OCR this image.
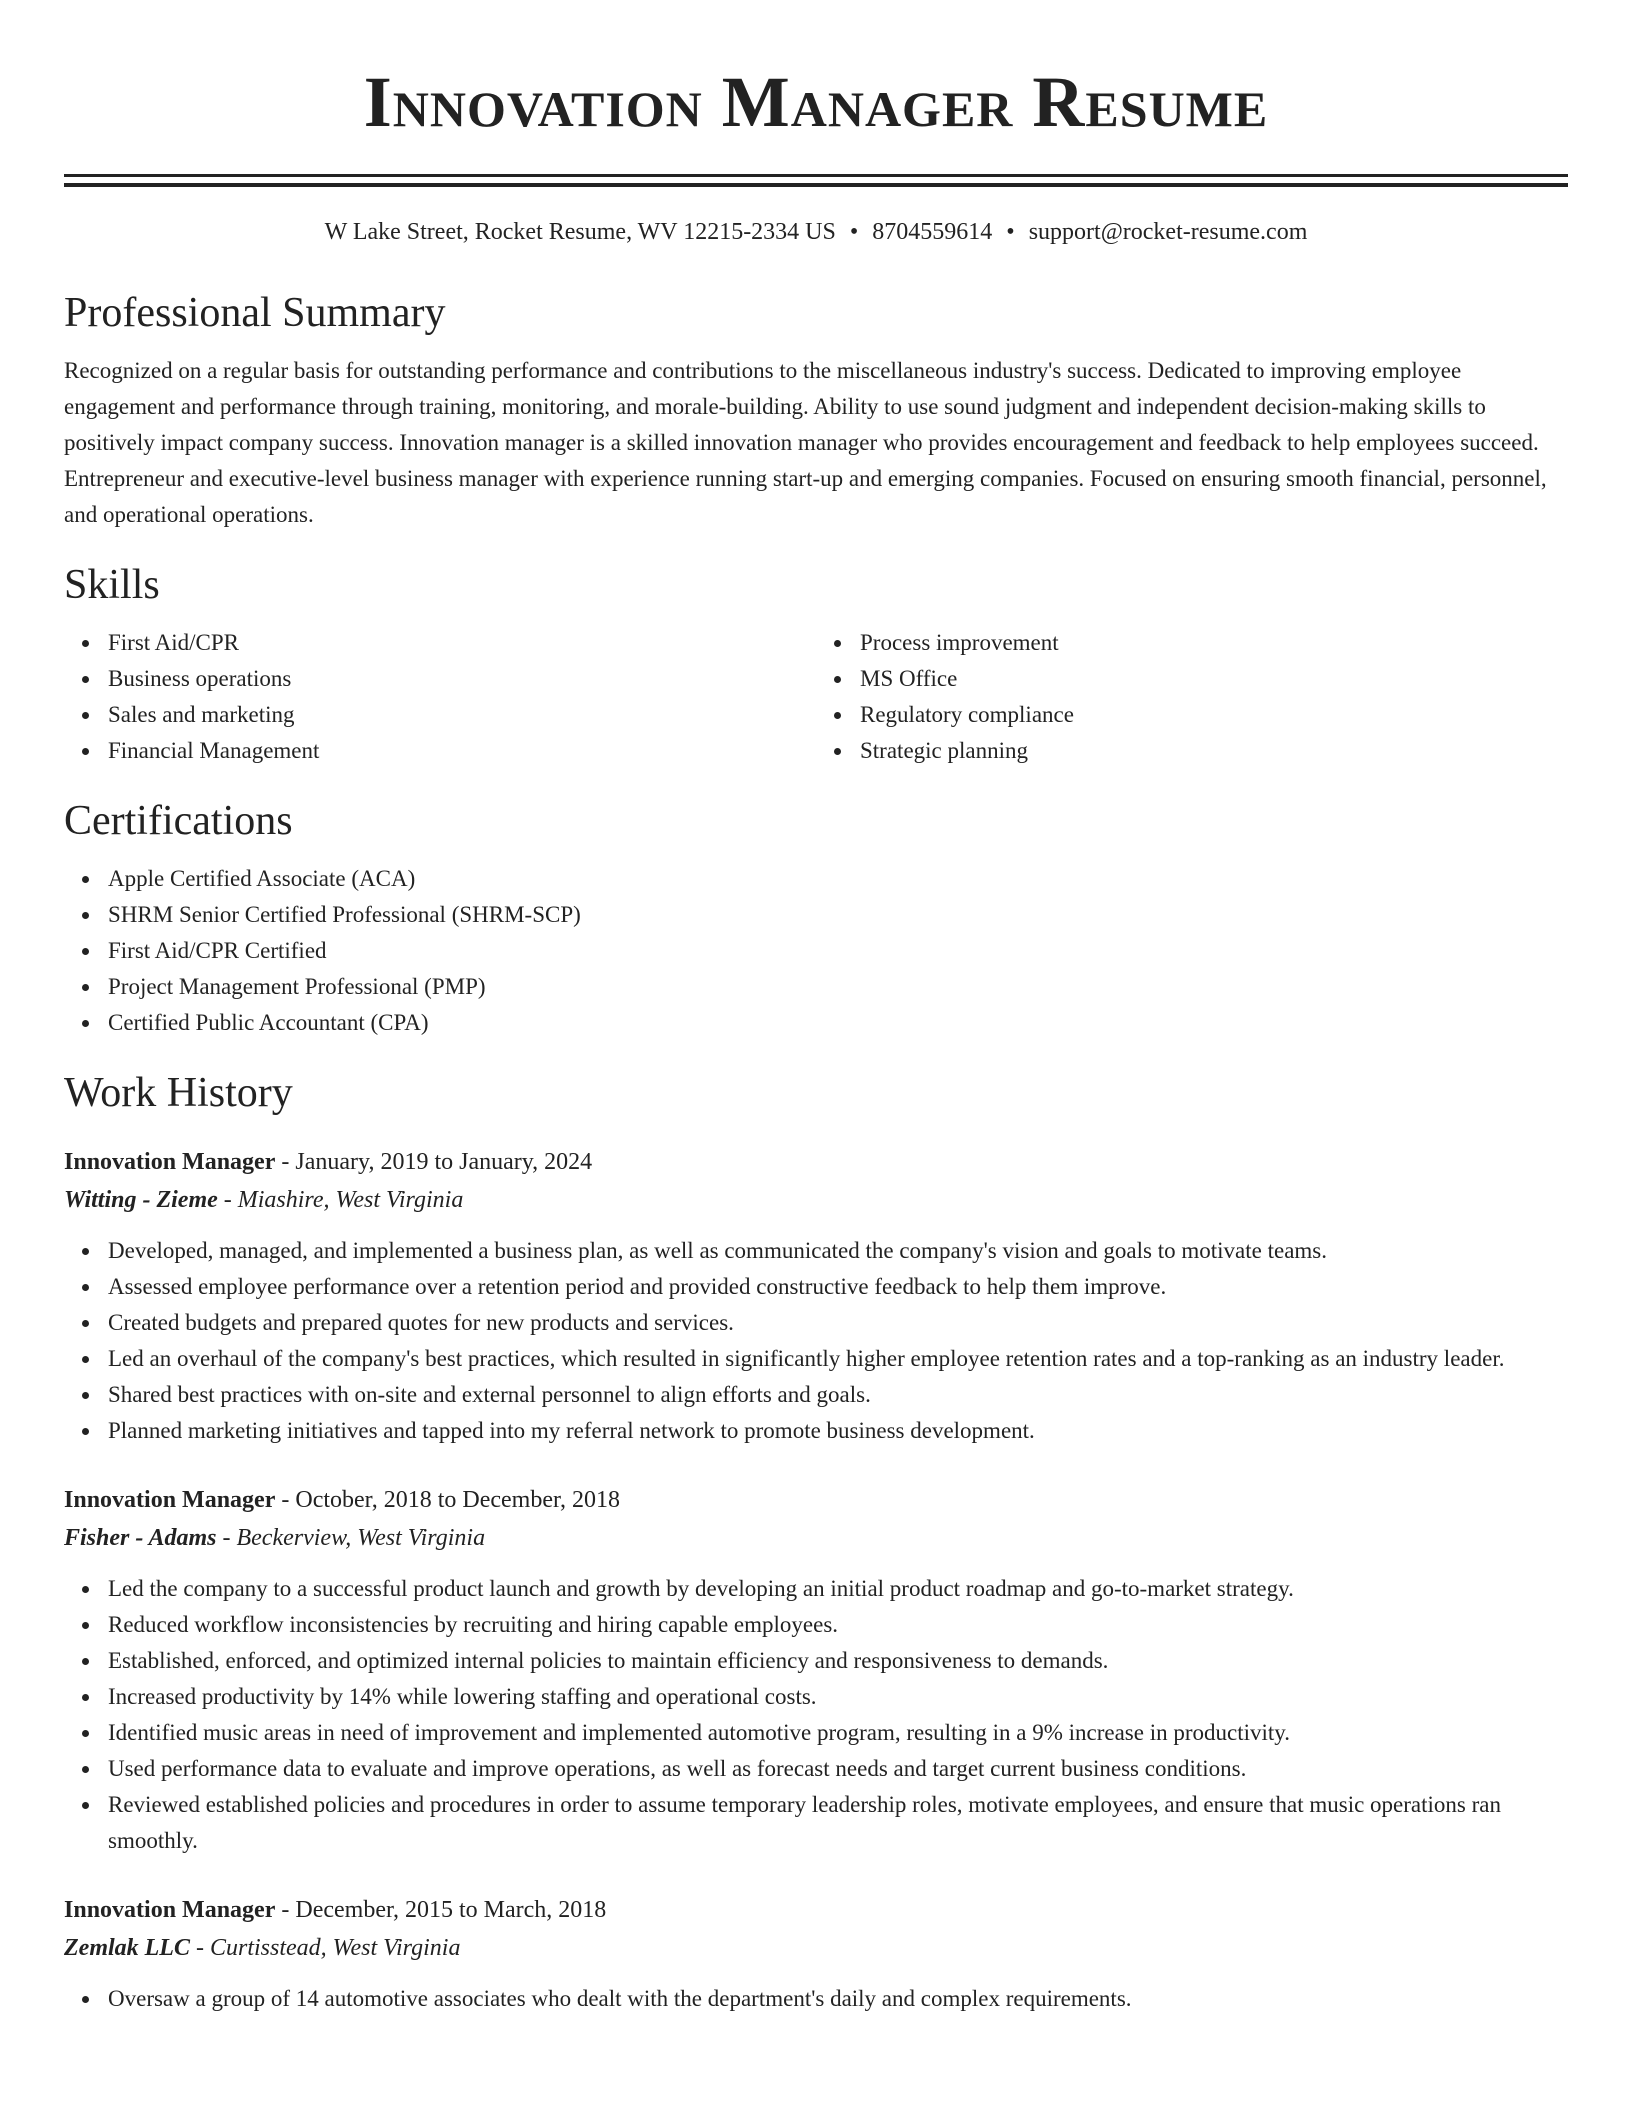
Innovation Manager Resume
W Lake Street, Rocket Resume, WV 12215-2334 US • 8704559614 • support@rocket-resume.com
Professional Summary
Recognized on a regular basis for outstanding performance and contributions to the miscellaneous industry's success. Dedicated to improving employee engagement and performance through training, monitoring, and morale-building. Ability to use sound judgment and independent decision-making skills to positively impact company success. Innovation manager is a skilled innovation manager who provides encouragement and feedback to help employees succeed. Entrepreneur and executive-level business manager with experience running start-up and emerging companies. Focused on ensuring smooth financial, personnel, and operational operations.
Skills
First Aid/CPR
Business operations
Sales and marketing
Financial Management
Process improvement
MS Office
Regulatory compliance
Strategic planning
Certifications
Apple Certified Associate (ACA)
SHRM Senior Certified Professional (SHRM-SCP)
First Aid/CPR Certified
Project Management Professional (PMP)
Certified Public Accountant (CPA)
Work History
Innovation Manager - January, 2019 to January, 2024
Witting - Zieme - Miashire, West Virginia
Developed, managed, and implemented a business plan, as well as communicated the company's vision and goals to motivate teams.
Assessed employee performance over a retention period and provided constructive feedback to help them improve.
Created budgets and prepared quotes for new products and services.
Led an overhaul of the company's best practices, which resulted in significantly higher employee retention rates and a top-ranking as an industry leader.
Shared best practices with on-site and external personnel to align efforts and goals.
Planned marketing initiatives and tapped into my referral network to promote business development.
Innovation Manager - October, 2018 to December, 2018
Fisher - Adams - Beckerview, West Virginia
Led the company to a successful product launch and growth by developing an initial product roadmap and go-to-market strategy.
Reduced workflow inconsistencies by recruiting and hiring capable employees.
Established, enforced, and optimized internal policies to maintain efficiency and responsiveness to demands.
Increased productivity by 14% while lowering staffing and operational costs.
Identified music areas in need of improvement and implemented automotive program, resulting in a 9% increase in productivity.
Used performance data to evaluate and improve operations, as well as forecast needs and target current business conditions.
Reviewed established policies and procedures in order to assume temporary leadership roles, motivate employees, and ensure that music operations ran smoothly.
Innovation Manager - December, 2015 to March, 2018
Zemlak LLC - Curtisstead, West Virginia
Oversaw a group of 14 automotive associates who dealt with the department's daily and complex requirements.
